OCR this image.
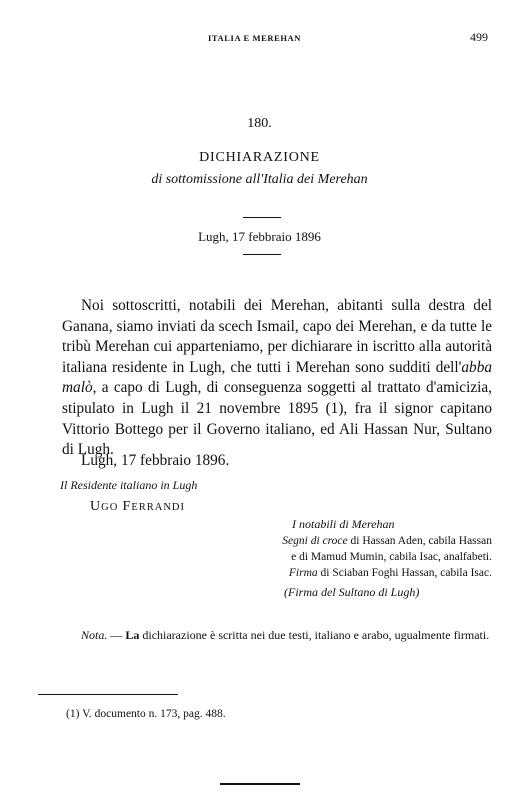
ITALIA E MEREHAN	499
180.
DICHIARAZIONE
di sottomissione all'Italia dei Merehan
Lugh, 17 febbraio 1896

Noi sottoscritti, notabili dei Merehan, abitanti sulla destra del Ganana, siamo inviati da scech Ismail, capo dei Merehan, e da tutte le tribù Merehan cui apparteniamo, per dichiarare in iscritto alla autorità italiana residente in Lugh, che tutti i Merehan sono sudditi dell'abba malò, a capo di Lugh, di conseguenza soggetti al trattato d'amicizia, stipulato in Lugh il 21 novembre 1895 (1), fra il signor capitano Vittorio Bottego per il Governo italiano, ed Ali Hassan Nur, Sultano di Lugh.

Lugh, 17 febbraio 1896.
Il Residente italiano in Lugh
UGO FERRANDI
I notabili di Merehan
Segni di croce di Hassan Aden, cabila Hassan
e di Mamud Mumin, cabila Isac, analfabeti.
Firma di Sciaban Foghi Hassan, cabila Isac.
(Firma del Sultano di Lugh)

Nota. — La dichiarazione è scritta nei due testi, italiano e arabo, ugualmente firmati.

(1) V. documento n. 173, pag. 488.
